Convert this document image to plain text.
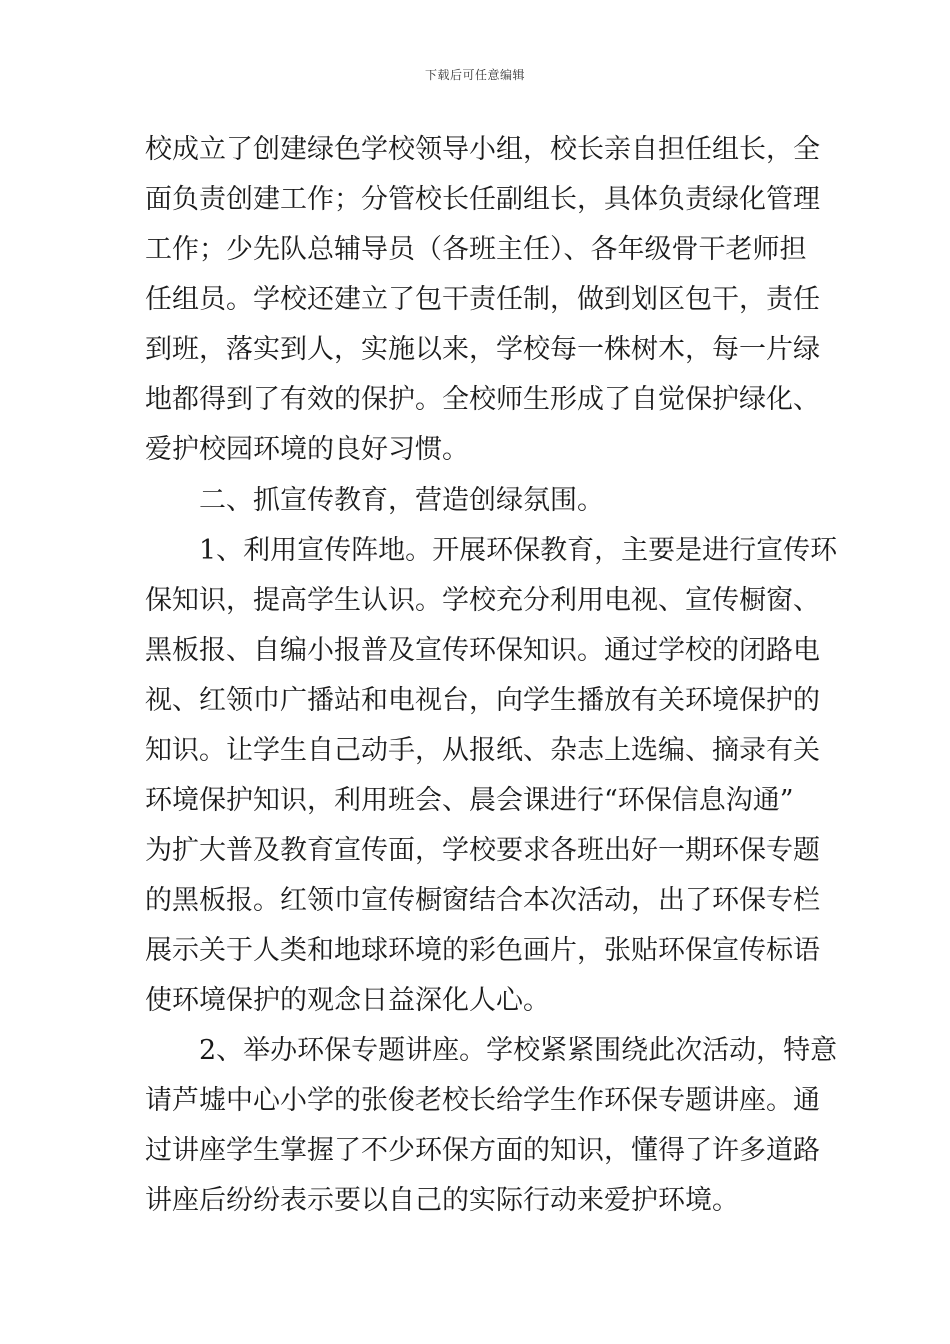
下载后可任意编辑
校成立了创建绿色学校领导小组，校长亲自担任组长，全
面负责创建工作；分管校长任副组长，具体负责绿化管理
工作；少先队总辅导员（各班主任）、各年级骨干老师担
任组员。学校还建立了包干责任制，做到划区包干，责任
到班，落实到人，实施以来，学校每一株树木，每一片绿
地都得到了有效的保护。全校师生形成了自觉保护绿化、
爱护校园环境的良好习惯。
　　二、抓宣传教育，营造创绿氛围。
　　1、利用宣传阵地。开展环保教育，主要是进行宣传环
保知识，提高学生认识。学校充分利用电视、宣传橱窗、
黑板报、自编小报普及宣传环保知识。通过学校的闭路电
视、红领巾广播站和电视台，向学生播放有关环境保护的
知识。让学生自己动手，从报纸、杂志上选编、摘录有关
环境保护知识，利用班会、晨会课进行“环保信息沟通”
为扩大普及教育宣传面，学校要求各班出好一期环保专题
的黑板报。红领巾宣传橱窗结合本次活动，出了环保专栏
展示关于人类和地球环境的彩色画片，张贴环保宣传标语
使环境保护的观念日益深化人心。
　　2、举办环保专题讲座。学校紧紧围绕此次活动，特意
请芦墟中心小学的张俊老校长给学生作环保专题讲座。通
过讲座学生掌握了不少环保方面的知识，懂得了许多道路
讲座后纷纷表示要以自己的实际行动来爱护环境。
